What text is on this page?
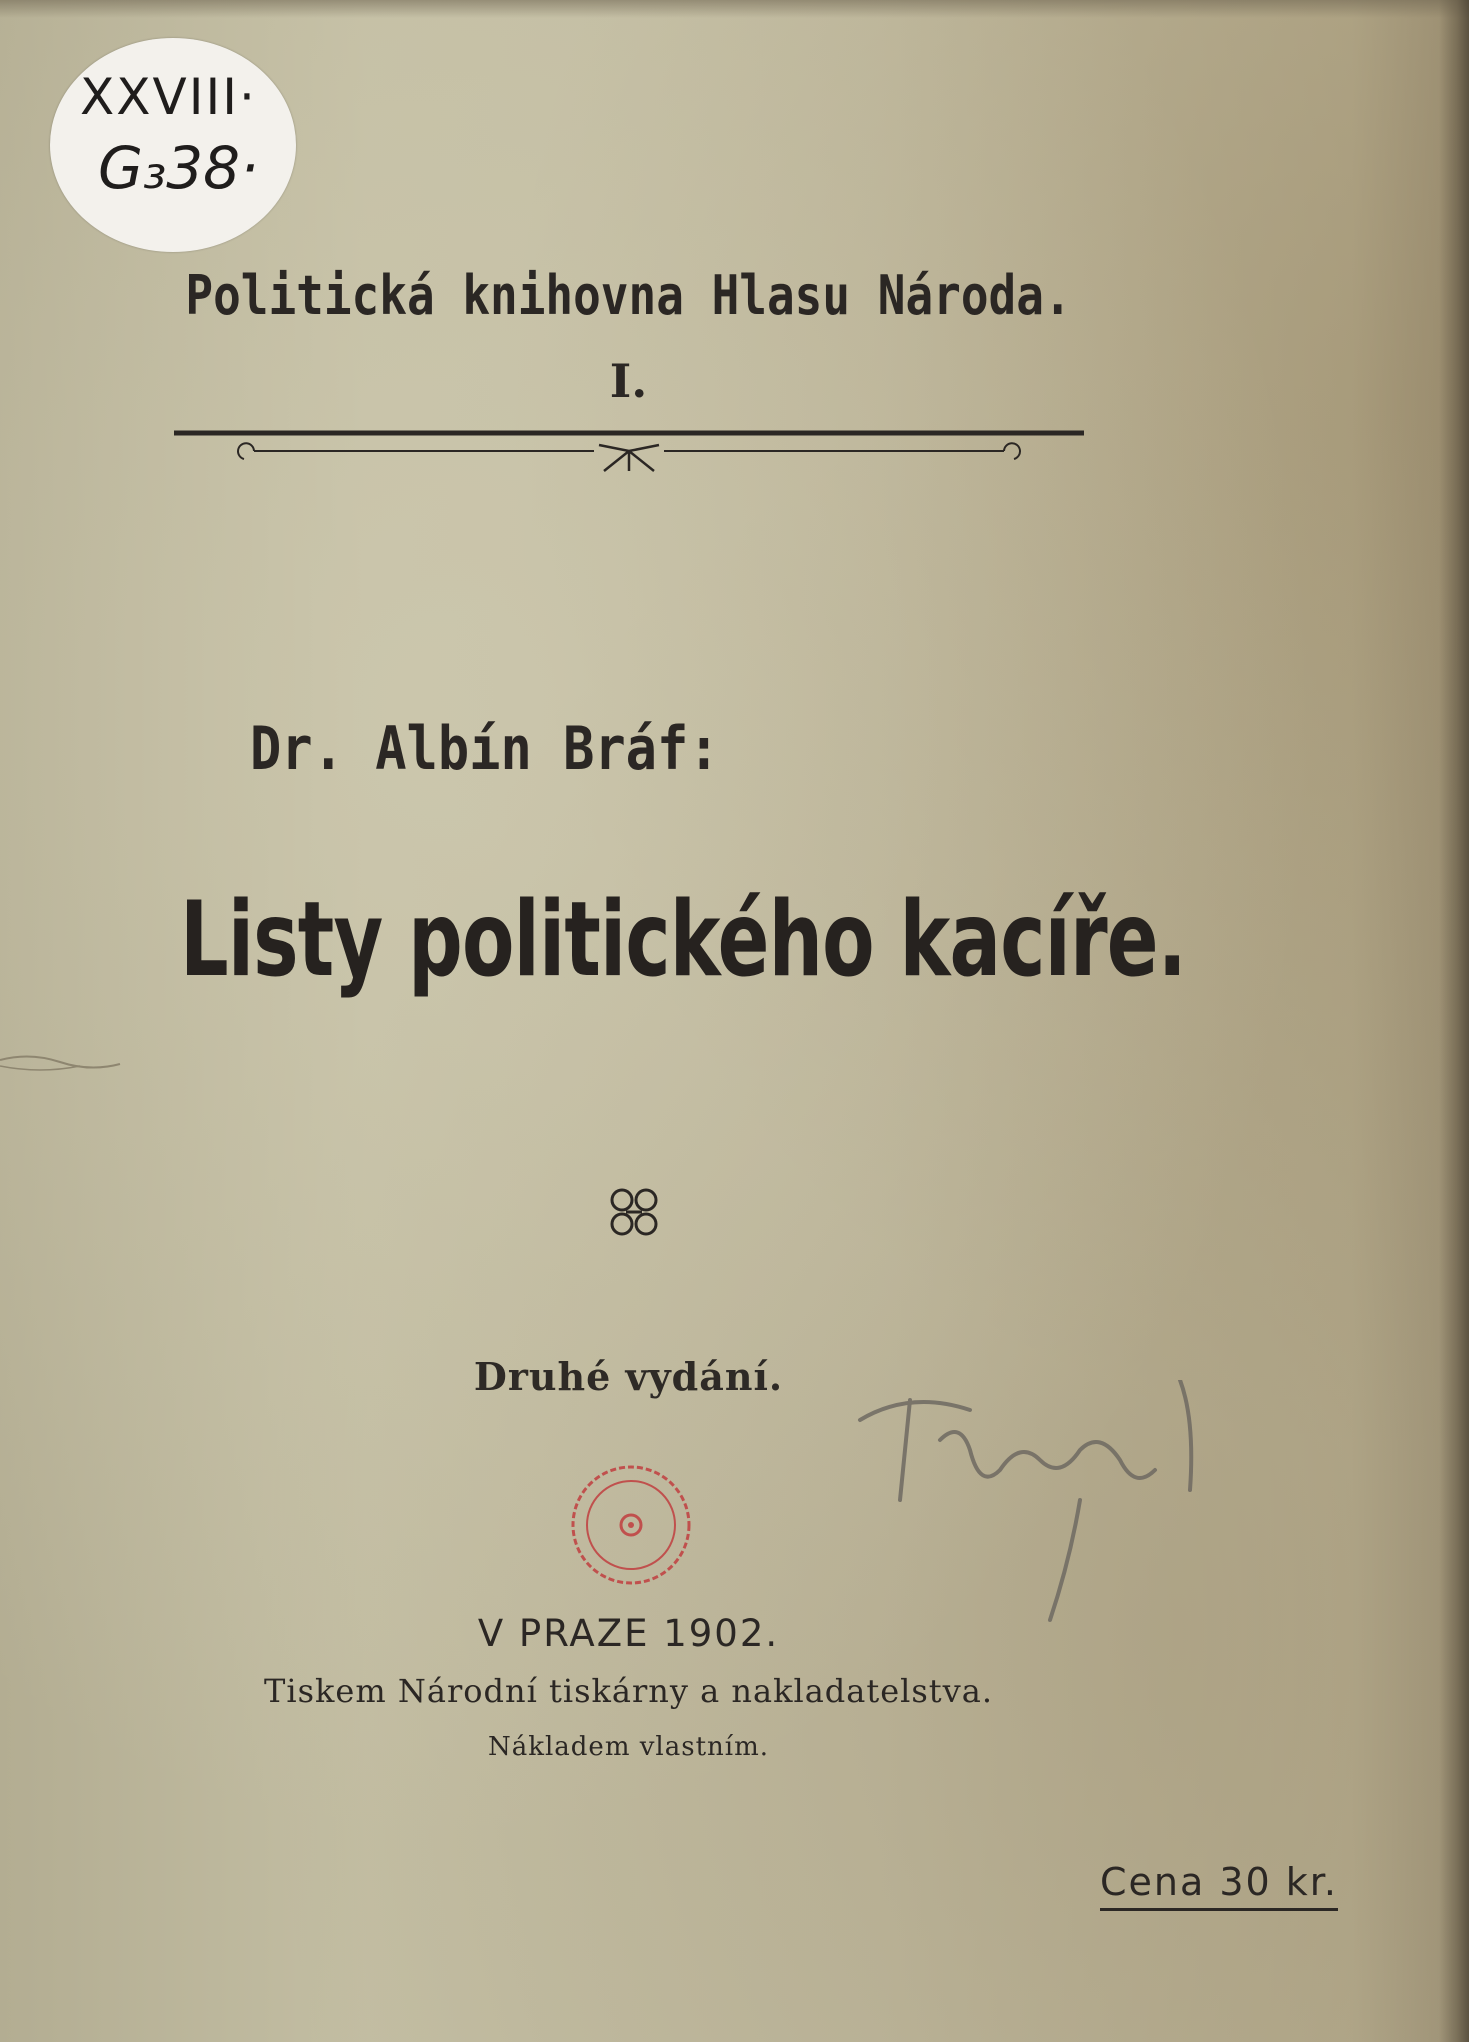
XXVIII·
G₃38·
Politická knihovna Hlasu Národa.
I.
Dr. Albín Bráf:
Listy politického kacíře.
Druhé vydání.
V PRAZE 1902.
Tiskem Národní tiskárny a nakladatelstva.
Nákladem vlastním.
Cena 30 kr.
